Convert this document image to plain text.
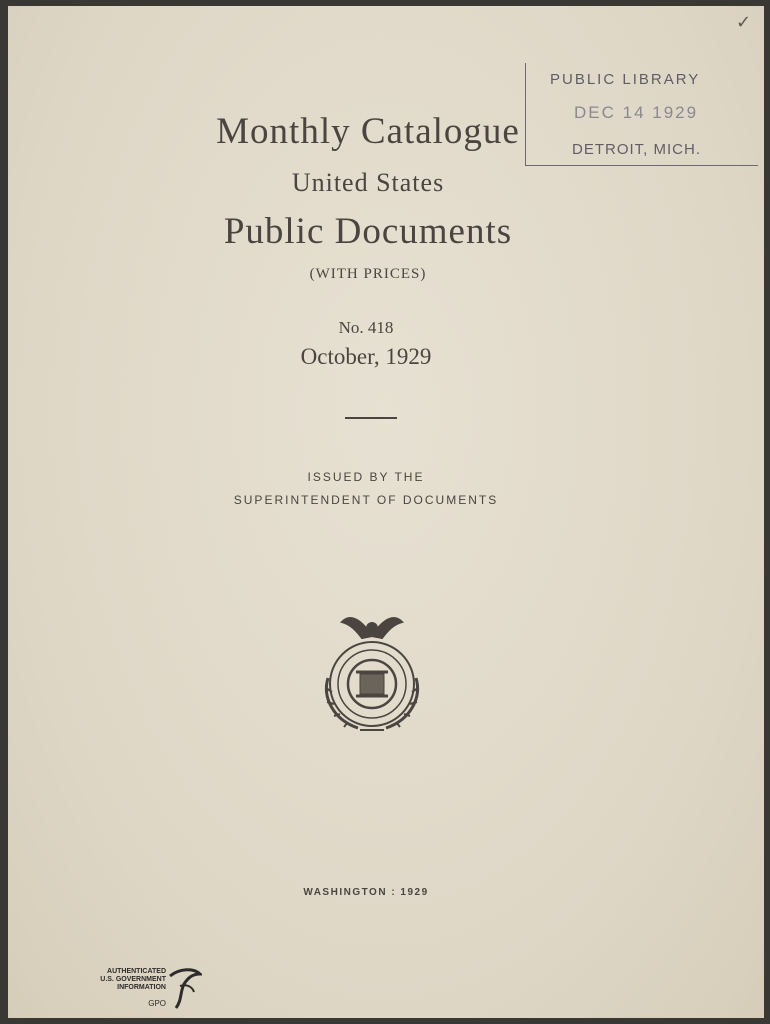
✓
PUBLIC LIBRARY
DEC 14 1929
DETROIT, MICH.
Monthly Catalogue
United States
Public Documents
(WITH PRICES)
No. 418
October, 1929
ISSUED BY THE
SUPERINTENDENT OF DOCUMENTS
WASHINGTON : 1929
AUTHENTICATED
U.S. GOVERNMENT
INFORMATION
GPO
